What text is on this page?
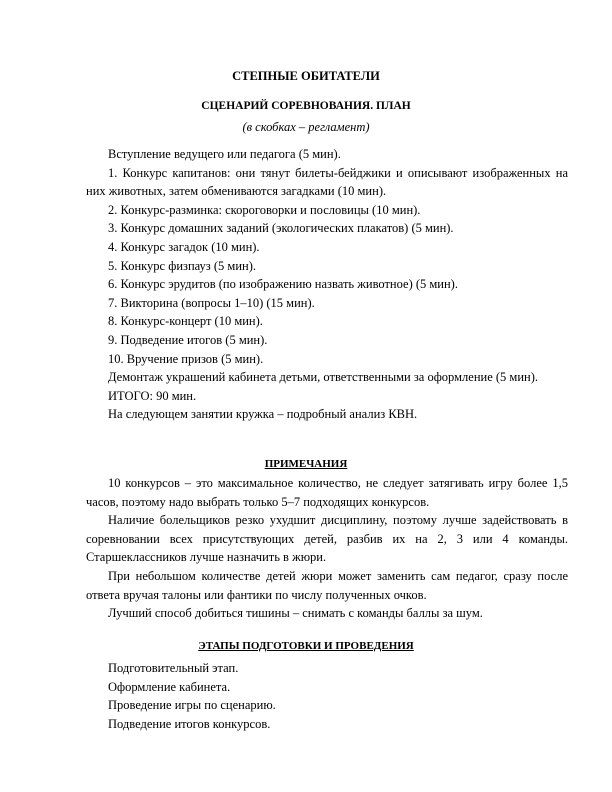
СТЕПНЫЕ ОБИТАТЕЛИ
СЦЕНАРИЙ СОРЕВНОВАНИЯ. ПЛАН
(в скобках – регламент)

Вступление ведущего или педагога (5 мин).

1. Конкурс капитанов: они тянут билеты-бейджики и описывают изображенных на них животных, затем обмениваются загадками (10 мин).

2. Конкурс-разминка: скороговорки и пословицы (10 мин).

3. Конкурс домашних заданий (экологических плакатов) (5 мин).

4. Конкурс загадок (10 мин).

5. Конкурс физпауз (5 мин).

6. Конкурс эрудитов (по изображению назвать животное) (5 мин).

7. Викторина (вопросы 1–10) (15 мин).

8. Конкурс-концерт (10 мин).

9. Подведение итогов (5 мин).

10. Вручение призов (5 мин).

Демонтаж украшений кабинета детьми, ответственными за оформление (5 мин).

ИТОГО: 90 мин.

На следующем занятии кружка – подробный анализ КВН.

ПРИМЕЧАНИЯ

10 конкурсов – это максимальное количество, не следует затягивать игру более 1,5 часов, поэтому надо выбрать только 5–7 подходящих конкурсов.

Наличие болельщиков резко ухудшит дисциплину, поэтому лучше задействовать в соревновании всех присутствующих детей, разбив их на 2, 3 или 4 команды. Старшеклассников лучше назначить в жюри.

При небольшом количестве детей жюри может заменить сам педагог, сразу после ответа вручая талоны или фантики по числу полученных очков.

Лучший способ добиться тишины – снимать с команды баллы за шум.

ЭТАПЫ ПОДГОТОВКИ И ПРОВЕДЕНИЯ

Подготовительный этап.

Оформление кабинета.

Проведение игры по сценарию.

Подведение итогов конкурсов.
